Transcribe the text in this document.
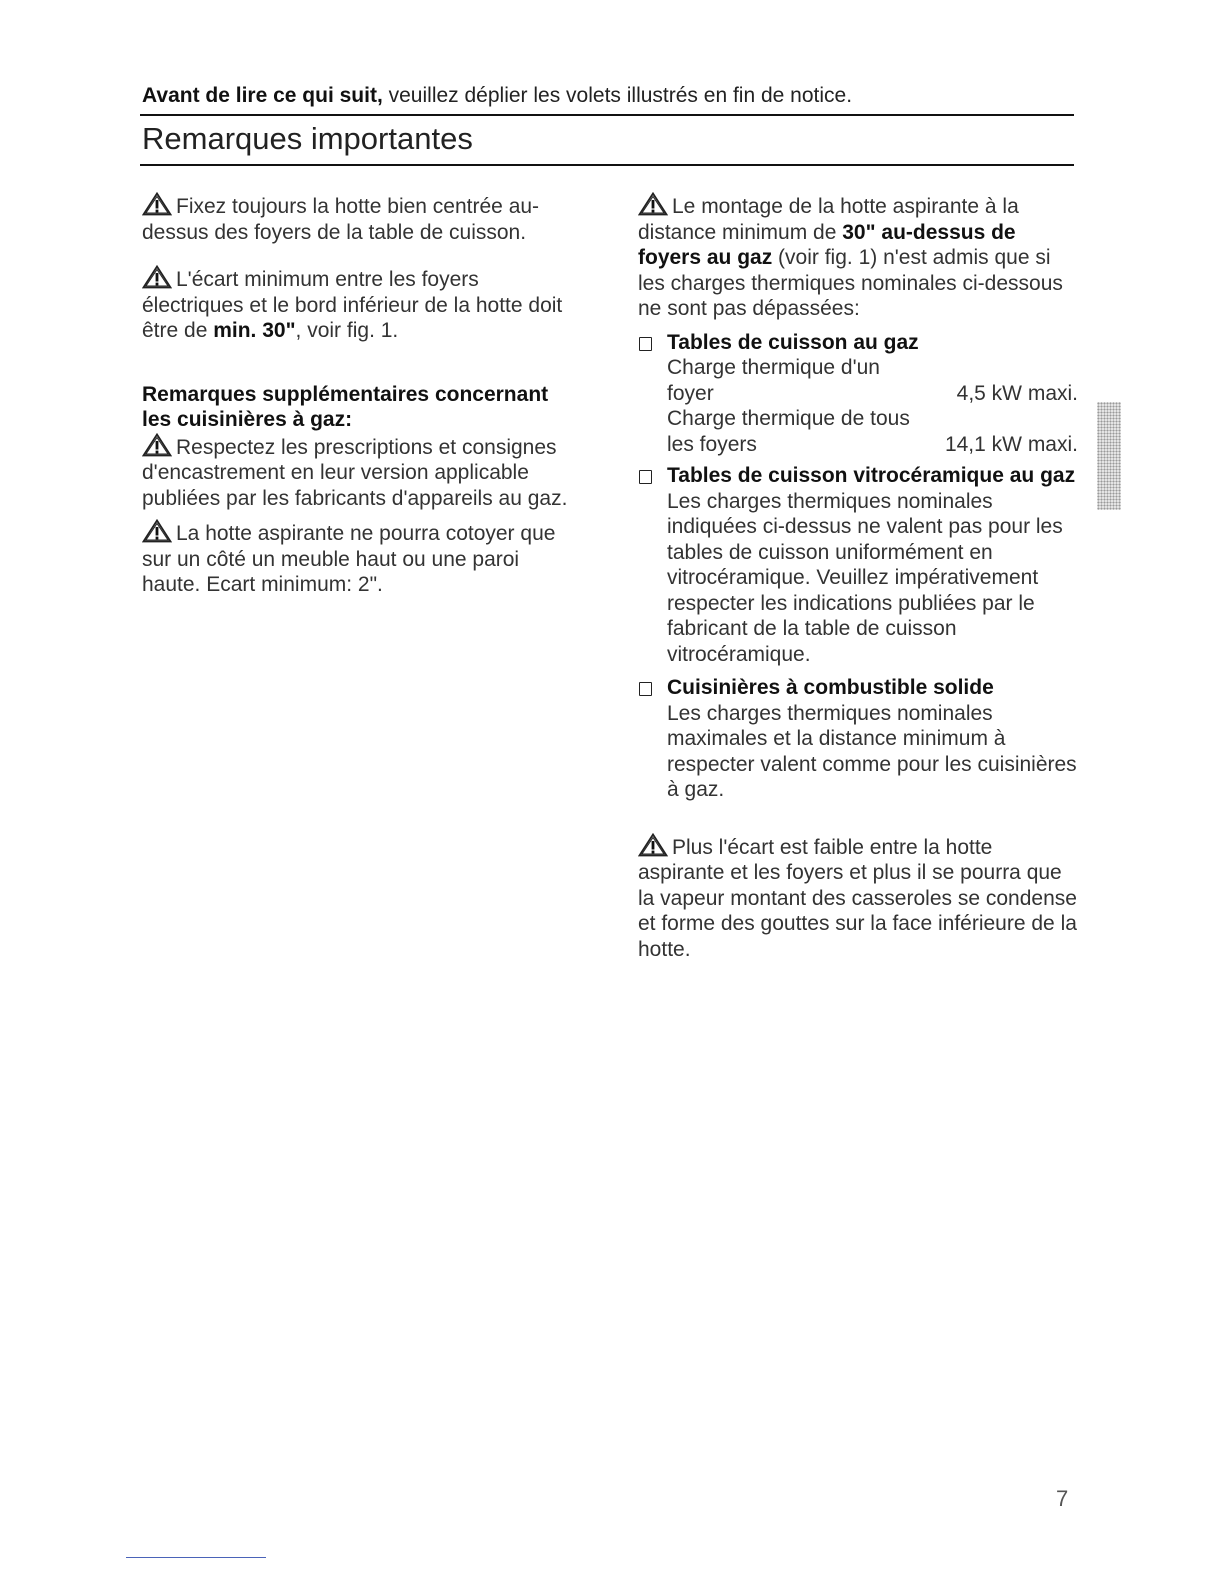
Avant de lire ce qui suit, veuillez déplier les volets illustrés en fin de notice.
Remarques importantes

Fixez toujours la hotte bien centrée au-dessus des foyers de la table de cuisson.

L'écart minimum entre les foyers électriques et le bord inférieur de la hotte doit être de min. 30", voir fig. 1.

Remarques supplémentaires concernant les cuisinières à gaz:

Respectez les prescriptions et consignes d'encastrement en leur version applicable publiées par les fabricants d'appareils au gaz.

La hotte aspirante ne pourra cotoyer que sur un côté un meuble haut ou une paroi haute. Ecart minimum: 2".

Le montage de la hotte aspirante à la distance minimum de 30" au-dessus de foyers au gaz (voir fig. 1) n'est admis que si les charges thermiques nominales ci-dessous ne sont pas dépassées:

Tables de cuisson au gaz
Charge thermique d'un
foyer	4,5 kW maxi.
Charge thermique de tous
les foyers	14,1 kW maxi.
Tables de cuisson vitrocéramique au gaz
Les charges thermiques nominales indiquées ci-dessus ne valent pas pour les tables de cuisson uniformément en vitrocéramique. Veuillez impérativement respecter les indications publiées par le fabricant de la table de cuisson vitrocéramique.
Cuisinières à combustible solide
Les charges thermiques nominales maximales et la distance minimum à respecter valent comme pour les cuisinières à gaz.

Plus l'écart est faible entre la hotte aspirante et les foyers et plus il se pourra que la vapeur montant des casseroles se condense et forme des gouttes sur la face inférieure de la hotte.

7
